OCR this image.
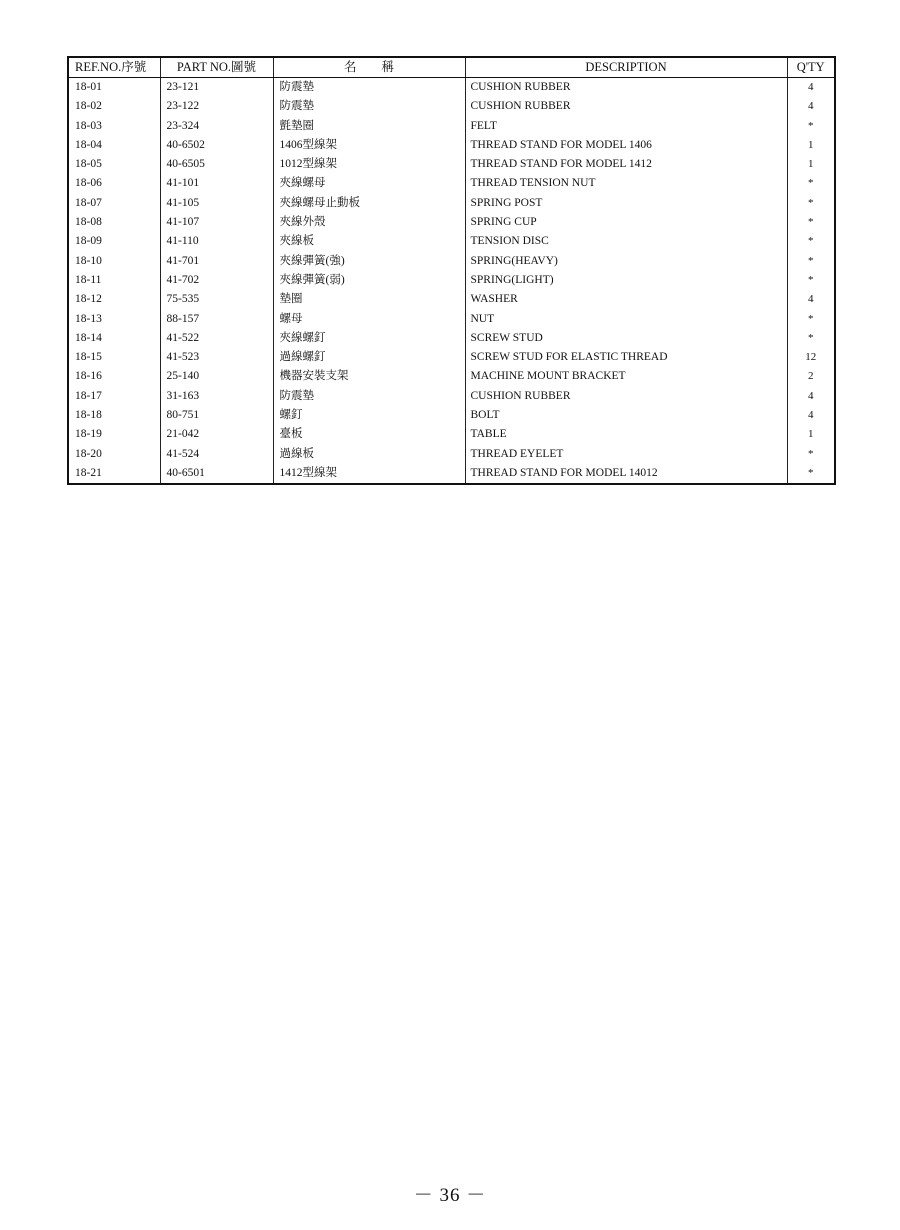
REF.NO.序號	PART NO.圖號	名　　稱	DESCRIPTION	Q'TY
18-01	23-121	防震墊	CUSHION RUBBER	4
18-02	23-122	防震墊	CUSHION RUBBER	4
18-03	23-324	氈墊圈	FELT	*
18-04	40-6502	1406型線架	THREAD STAND FOR MODEL 1406	1
18-05	40-6505	1012型線架	THREAD STAND FOR MODEL 1412	1
18-06	41-101	夾線螺母	THREAD TENSION NUT	*
18-07	41-105	夾線螺母止動板	SPRING POST	*
18-08	41-107	夾線外殼	SPRING CUP	*
18-09	41-110	夾線板	TENSION DISC	*
18-10	41-701	夾線彈簧(強)	SPRING(HEAVY)	*
18-11	41-702	夾線彈簧(弱)	SPRING(LIGHT)	*
18-12	75-535	墊圈	WASHER	4
18-13	88-157	螺母	NUT	*
18-14	41-522	夾線螺釘	SCREW STUD	*
18-15	41-523	過線螺釘	SCREW STUD FOR ELASTIC THREAD	12
18-16	25-140	機器安裝支架	MACHINE MOUNT BRACKET	2
18-17	31-163	防震墊	CUSHION RUBBER	4
18-18	80-751	螺釘	BOLT	4
18-19	21-042	臺板	TABLE	1
18-20	41-524	過線板	THREAD EYELET	*
18-21	40-6501	1412型線架	THREAD STAND FOR MODEL 14012	*
－ 36 －
